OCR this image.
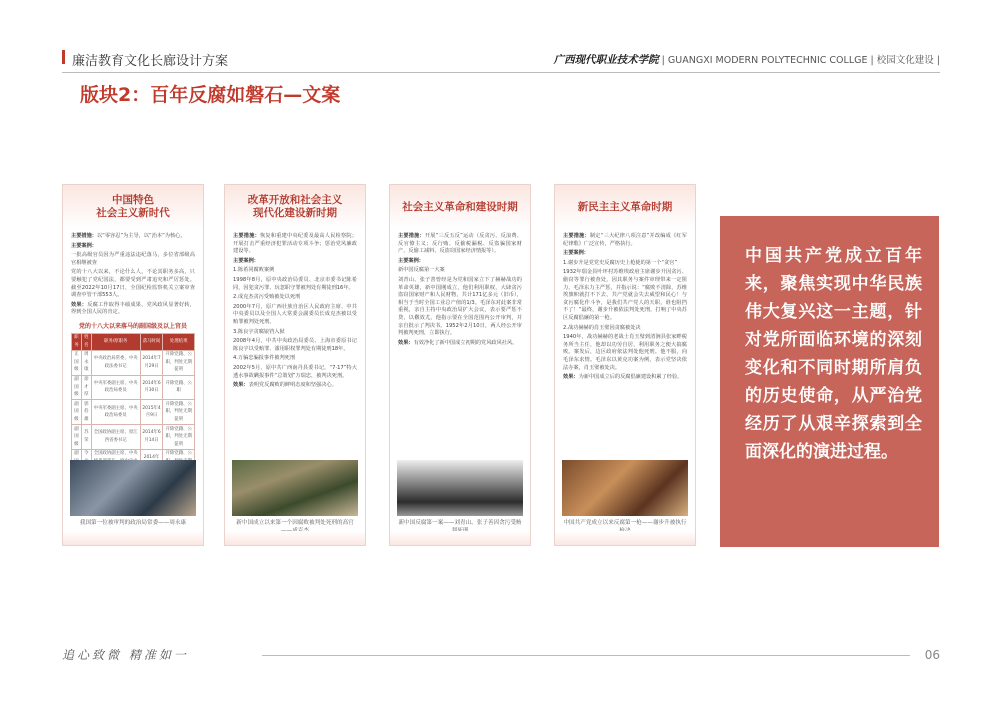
廉洁教育文化长廊设计方案	广西现代职业技术学院 | GUANGXI MODERN POLYTECHNIC COLLGE | 校园文化建设 |
版块2：百年反腐如磐石—文案
中国特色
社会主义新时代

主要措施：以“零容忍”为主导，以“治本”为核心。

主要案例：

一批高级官员因为严重违法违纪落马，多位省部级高官相继被查

党的十八大以来，不论什么人，不论其职务多高，只要触犯了党纪国法，都要受到严肃追究和严厉惩处。截至2022年10月17日，全国纪检监察机关立案审查调查中管干部553人。

效果：反腐工作取得丰硕成果，党风政风显著好转，得到全国人民的肯定。

党的十八大以来落马的副国级及以上官员
职务	姓名	职务/原职务	落马时间	处理结果
正国级	周永康	中央政治局常委、中央政法委书记	2014年7月29日	开除党籍、公职，判处无期徒刑
副国级	徐才厚	中央军委副主席、中央政治局委员	2014年6月30日	开除党籍、公职
副国级	郭伯雄	中央军委副主席、中央政治局委员	2015年4月9日	开除党籍、公职，判处无期徒刑
副国级	苏荣	全国政协副主席、原江西省委书记	2014年6月14日	开除党籍、公职，判处无期徒刑
副	令	全国政协副主席、中央	2014年	开除党籍、公

我国第一位被审判的政治局常委——周永康
改革开放和社会主义
现代化建设新时期

主要措施：恢复和重建中央纪委及最高人民检察院；开展打击严重经济犯罪活动专项斗争；惩治党风廉政建设等。

主要案例：

1.陈希同腐败案例

1998年8月，原中央政治局委员、北京市委书记陈希同，因犯贪污罪、玩忽职守罪被判处有期徒刑16年。

2.成克杰贪污受贿被处以死刑

2000年7月，原广西壮族自治区人民政府主席、中共中央委员以及全国人大常委会副委员长成克杰被以受贿罪被判处死刑。

3.陈良宇贪腐锒铛入狱

2008年4月，中共中央政治局委员、上海市委原书记陈良宇以受贿罪、滥用职权罪判处有期徒刑18年。

4.万骗忠骗报事件被判死刑

2002年5月，原中共广西南丹县委书记，“7·17”特大透水事故瞒报事件“总策划”万瑞忠，被判决死刑。

效果：表明党反腐败的鲜明态度和坚强决心。

新中国成立以来第一个因腐败被判处死刑的高官
社会主义革命和建设时期

主要措施：开展“三反五反”运动（反贪污、反浪费、反官僚主义；反行贿、反偷税漏税、反盗骗国家财产、反偷工减料、反盗窃国家经济情报等）。

主要案例：

新中国反腐第一大案

刘青山、张子善曾经是为党和国家立下了赫赫战功的革命英雄，新中国刚成立，他们利用职权，大肆贪污盗窃国家财产和人民财物，共计171亿多元（旧币），相当于当时全国工业总产值的1/3。毛泽东对此案非常重视，亲自主持中央政治局扩大会议，表示要严惩不贷，以儆效尤。他指示要在全国范围内公开审判，并亲自批示了判决书。1952年2月10日，两人经公开审判被判死刑，立即执行。

效果：有效净化了新中国成立初期的党风政风社风。

新中国反腐第一案——刘青山、张子善因贪污受贿
新民主主义革命时期

主要措施：制定“三大纪律八项注意”并改编成《红军纪律歌》广泛宣传，严格执行。

主要案例：

1.谢步升是党党史反腐历史上枪毙的第一个“贪官”

1932年瑞金县叶坪村苏维埃政府主席谢步升因贪污、偷窃等罪行被查处，因其职务与案件审理带来一定阻力，毛泽东力主严惩，并指示说：“腐败不清除，苏维埃旗帜就打不下去，共产党就会失去威望和民心！与贪污腐化作斗争，是我们共产党人的天职，谁也阻挡不了！”最终，谢步升被依法判处死刑，打响了中央苏区反腐倡廉的第一枪。

2.战功赫赫的肖玉璧因贪腐被处决

1940年，战功赫赫的老战士肖玉璧到清涧县张家畔税务所当主任，他却以功劳自居，利用职务之便大搞腐败。案发后，边区政府依法判处他死刑。他不服，向毛泽东求情。毛泽东以黄克功案为例，表示党坚决依法办案，肖玉璧被处决。

效果：为新中国成立后的反腐倡廉建设积累了经验。

中国共产党成立以来反腐第一枪——谢步升被执行
中国共产党成立百年来，聚焦实现中华民族伟大复兴这一主题，针对党所面临环境的深刻变化和不同时期所肩负的历史使命，从严治党经历了从艰辛探索到全面深化的演进过程。
追心致微 精准如一	06
